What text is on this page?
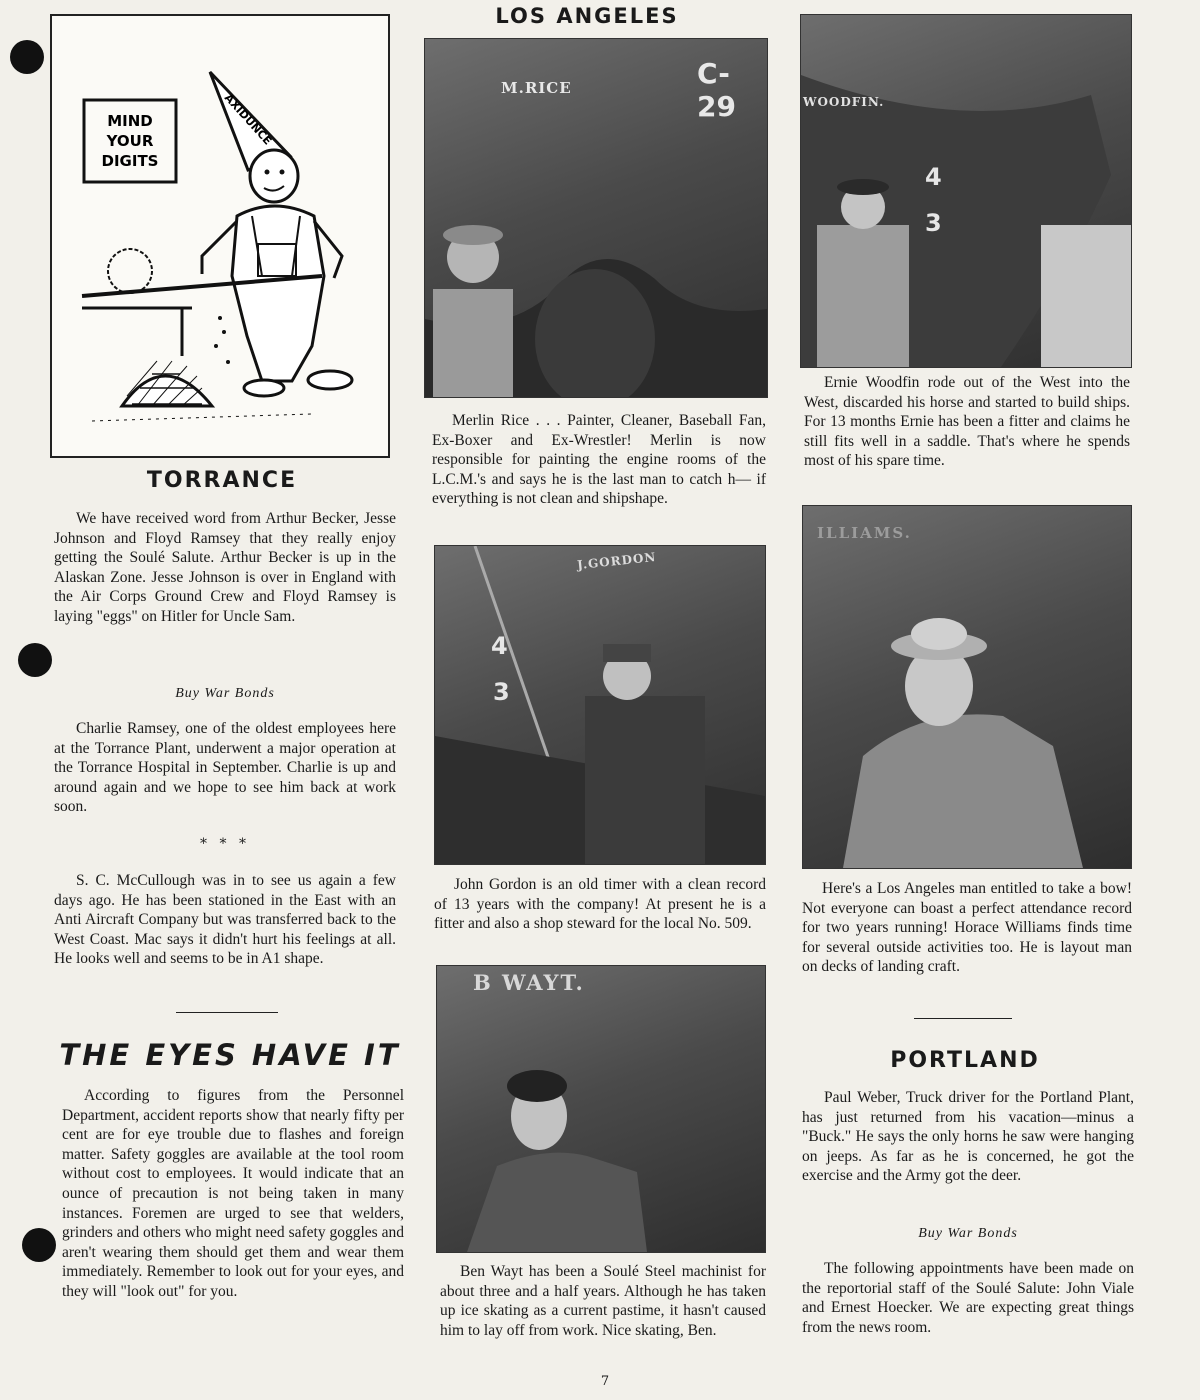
MIND
YOUR
DIGITS
AXIDUNCE
TORRANCE

We have received word from Arthur Becker, Jesse Johnson and Floyd Ramsey that they really enjoy getting the Soulé Salute. Arthur Becker is up in the Alaskan Zone. Jesse Johnson is over in England with the Air Corps Ground Crew and Floyd Ramsey is laying "eggs" on Hitler for Uncle Sam.

Buy War Bonds

Charlie Ramsey, one of the oldest employees here at the Torrance Plant, underwent a major operation at the Torrance Hospital in September. Charlie is up and around again and we hope to see him back at work soon.

* * *

S. C. McCullough was in to see us again a few days ago. He has been stationed in the East with an Anti Aircraft Company but was transferred back to the West Coast. Mac says it didn't hurt his feelings at all. He looks well and seems to be in A1 shape.

THE EYES HAVE IT

According to figures from the Personnel Department, accident reports show that nearly fifty per cent are for eye trouble due to flashes and foreign matter. Safety goggles are available at the tool room without cost to employees. It would indicate that an ounce of precaution is not being taken in many instances. Foremen are urged to see that welders, grinders and others who might need safety goggles and aren't wearing them should get them and wear them immediately. Remember to look out for your eyes, and they will "look out" for you.

LOS ANGELES
M.RICE	C-29

Merlin Rice . . . Painter, Cleaner, Baseball Fan, Ex-Boxer and Ex-Wrestler! Merlin is now responsible for painting the engine rooms of the L.C.M.'s and says he is the last man to catch h— if everything is not clean and shipshape.

J.GORDON
4
3

John Gordon is an old timer with a clean record of 13 years with the company! At present he is a fitter and also a shop steward for the local No. 509.

B WAYT.

Ben Wayt has been a Soulé Steel machinist for about three and a half years. Although he has taken up ice skating as a current pastime, it hasn't caused him to lay off from work. Nice skating, Ben.

7
WOODFIN.
4
3

Ernie Woodfin rode out of the West into the West, discarded his horse and started to build ships. For 13 months Ernie has been a fitter and claims he still fits well in a saddle. That's where he spends most of his spare time.

ILLIAMS.

Here's a Los Angeles man entitled to take a bow! Not everyone can boast a perfect attendance record for two years running! Horace Williams finds time for several outside activities too. He is layout man on decks of landing craft.

PORTLAND

Paul Weber, Truck driver for the Portland Plant, has just returned from his vacation—minus a "Buck." He says the only horns he saw were hanging on jeeps. As far as he is concerned, he got the exercise and the Army got the deer.

Buy War Bonds

The following appointments have been made on the reportorial staff of the Soulé Salute: John Viale and Ernest Hoecker. We are expecting great things from the news room.
